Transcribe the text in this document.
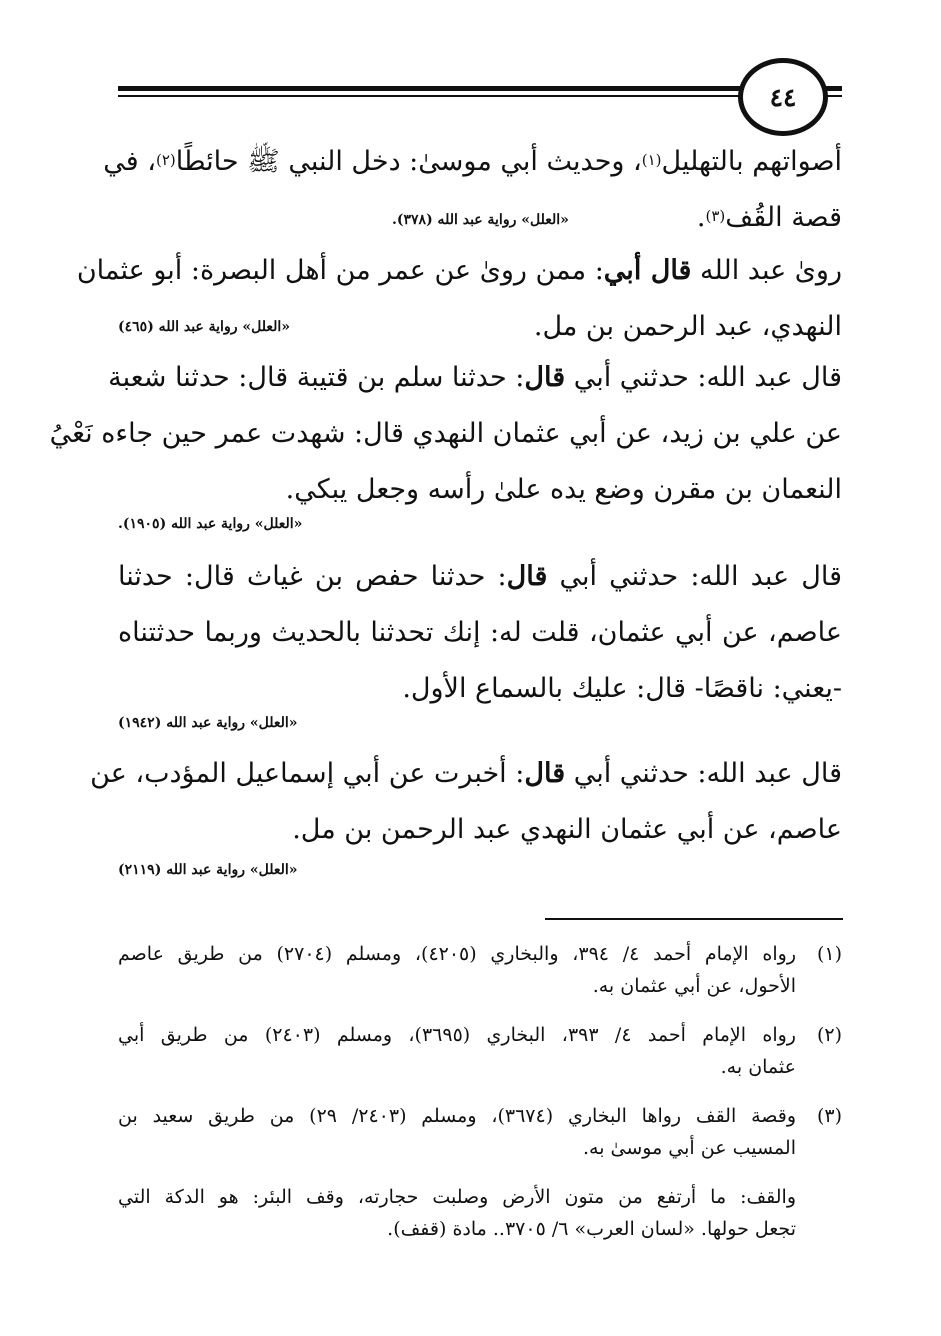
٤٤
أصواتهم بالتهليل$^{(١)}$، وحديث أبي موسىٰ: دخل النبي ﷺ حائطًا$^{(٢)}$، في
قصة القُف$^{(٣)}$.
«العلل» رواية عبد الله (٣٧٨).
رویٰ عبد الله قال أبي: ممن رویٰ عن عمر من أهل البصرة: أبو عثمان
النهدي، عبد الرحمن بن مل.
«العلل» رواية عبد الله (٤٦٥)
قال عبد الله: حدثني أبي قال: حدثنا سلم بن قتيبة قال: حدثنا شعبة
عن علي بن زيد، عن أبي عثمان النهدي قال: شهدت عمر حين جاءه نَعْيُ
النعمان بن مقرن وضع يده علىٰ رأسه وجعل يبكي.
«العلل» رواية عبد الله (١٩٠٥).
قال عبد الله: حدثني أبي قال: حدثنا حفص بن غياث قال: حدثنا
عاصم، عن أبي عثمان، قلت له: إنك تحدثنا بالحديث وربما حدثتناه
-يعني: ناقصًا- قال: عليك بالسماع الأول.
«العلل» رواية عبد الله (١٩٤٢)
قال عبد الله: حدثني أبي قال: أخبرت عن أبي إسماعيل المؤدب، عن
عاصم، عن أبي عثمان النهدي عبد الرحمن بن مل.
«العلل» رواية عبد الله (٢١١٩)
(١)
رواه الإمام أحمد ٤/ ٣٩٤، والبخاري (٤٢٠٥)، ومسلم (٢٧٠٤) من طريق عاصم
الأحول، عن أبي عثمان به.
(٢)
رواه الإمام أحمد ٤/ ٣٩٣، البخاري (٣٦٩٥)، ومسلم (٢٤٠٣) من طريق أبي
عثمان به.
(٣)
وقصة القف رواها البخاري (٣٦٧٤)، ومسلم (٢٤٠٣/ ٢٩) من طريق سعيد بن
المسيب عن أبي موسىٰ به.
والقف: ما أرتفع من متون الأرض وصلبت حجارته، وقف البئر: هو الدكة التي
تجعل حولها. «لسان العرب» ٦/ ٣٧٠٥.. مادة (قفف).
